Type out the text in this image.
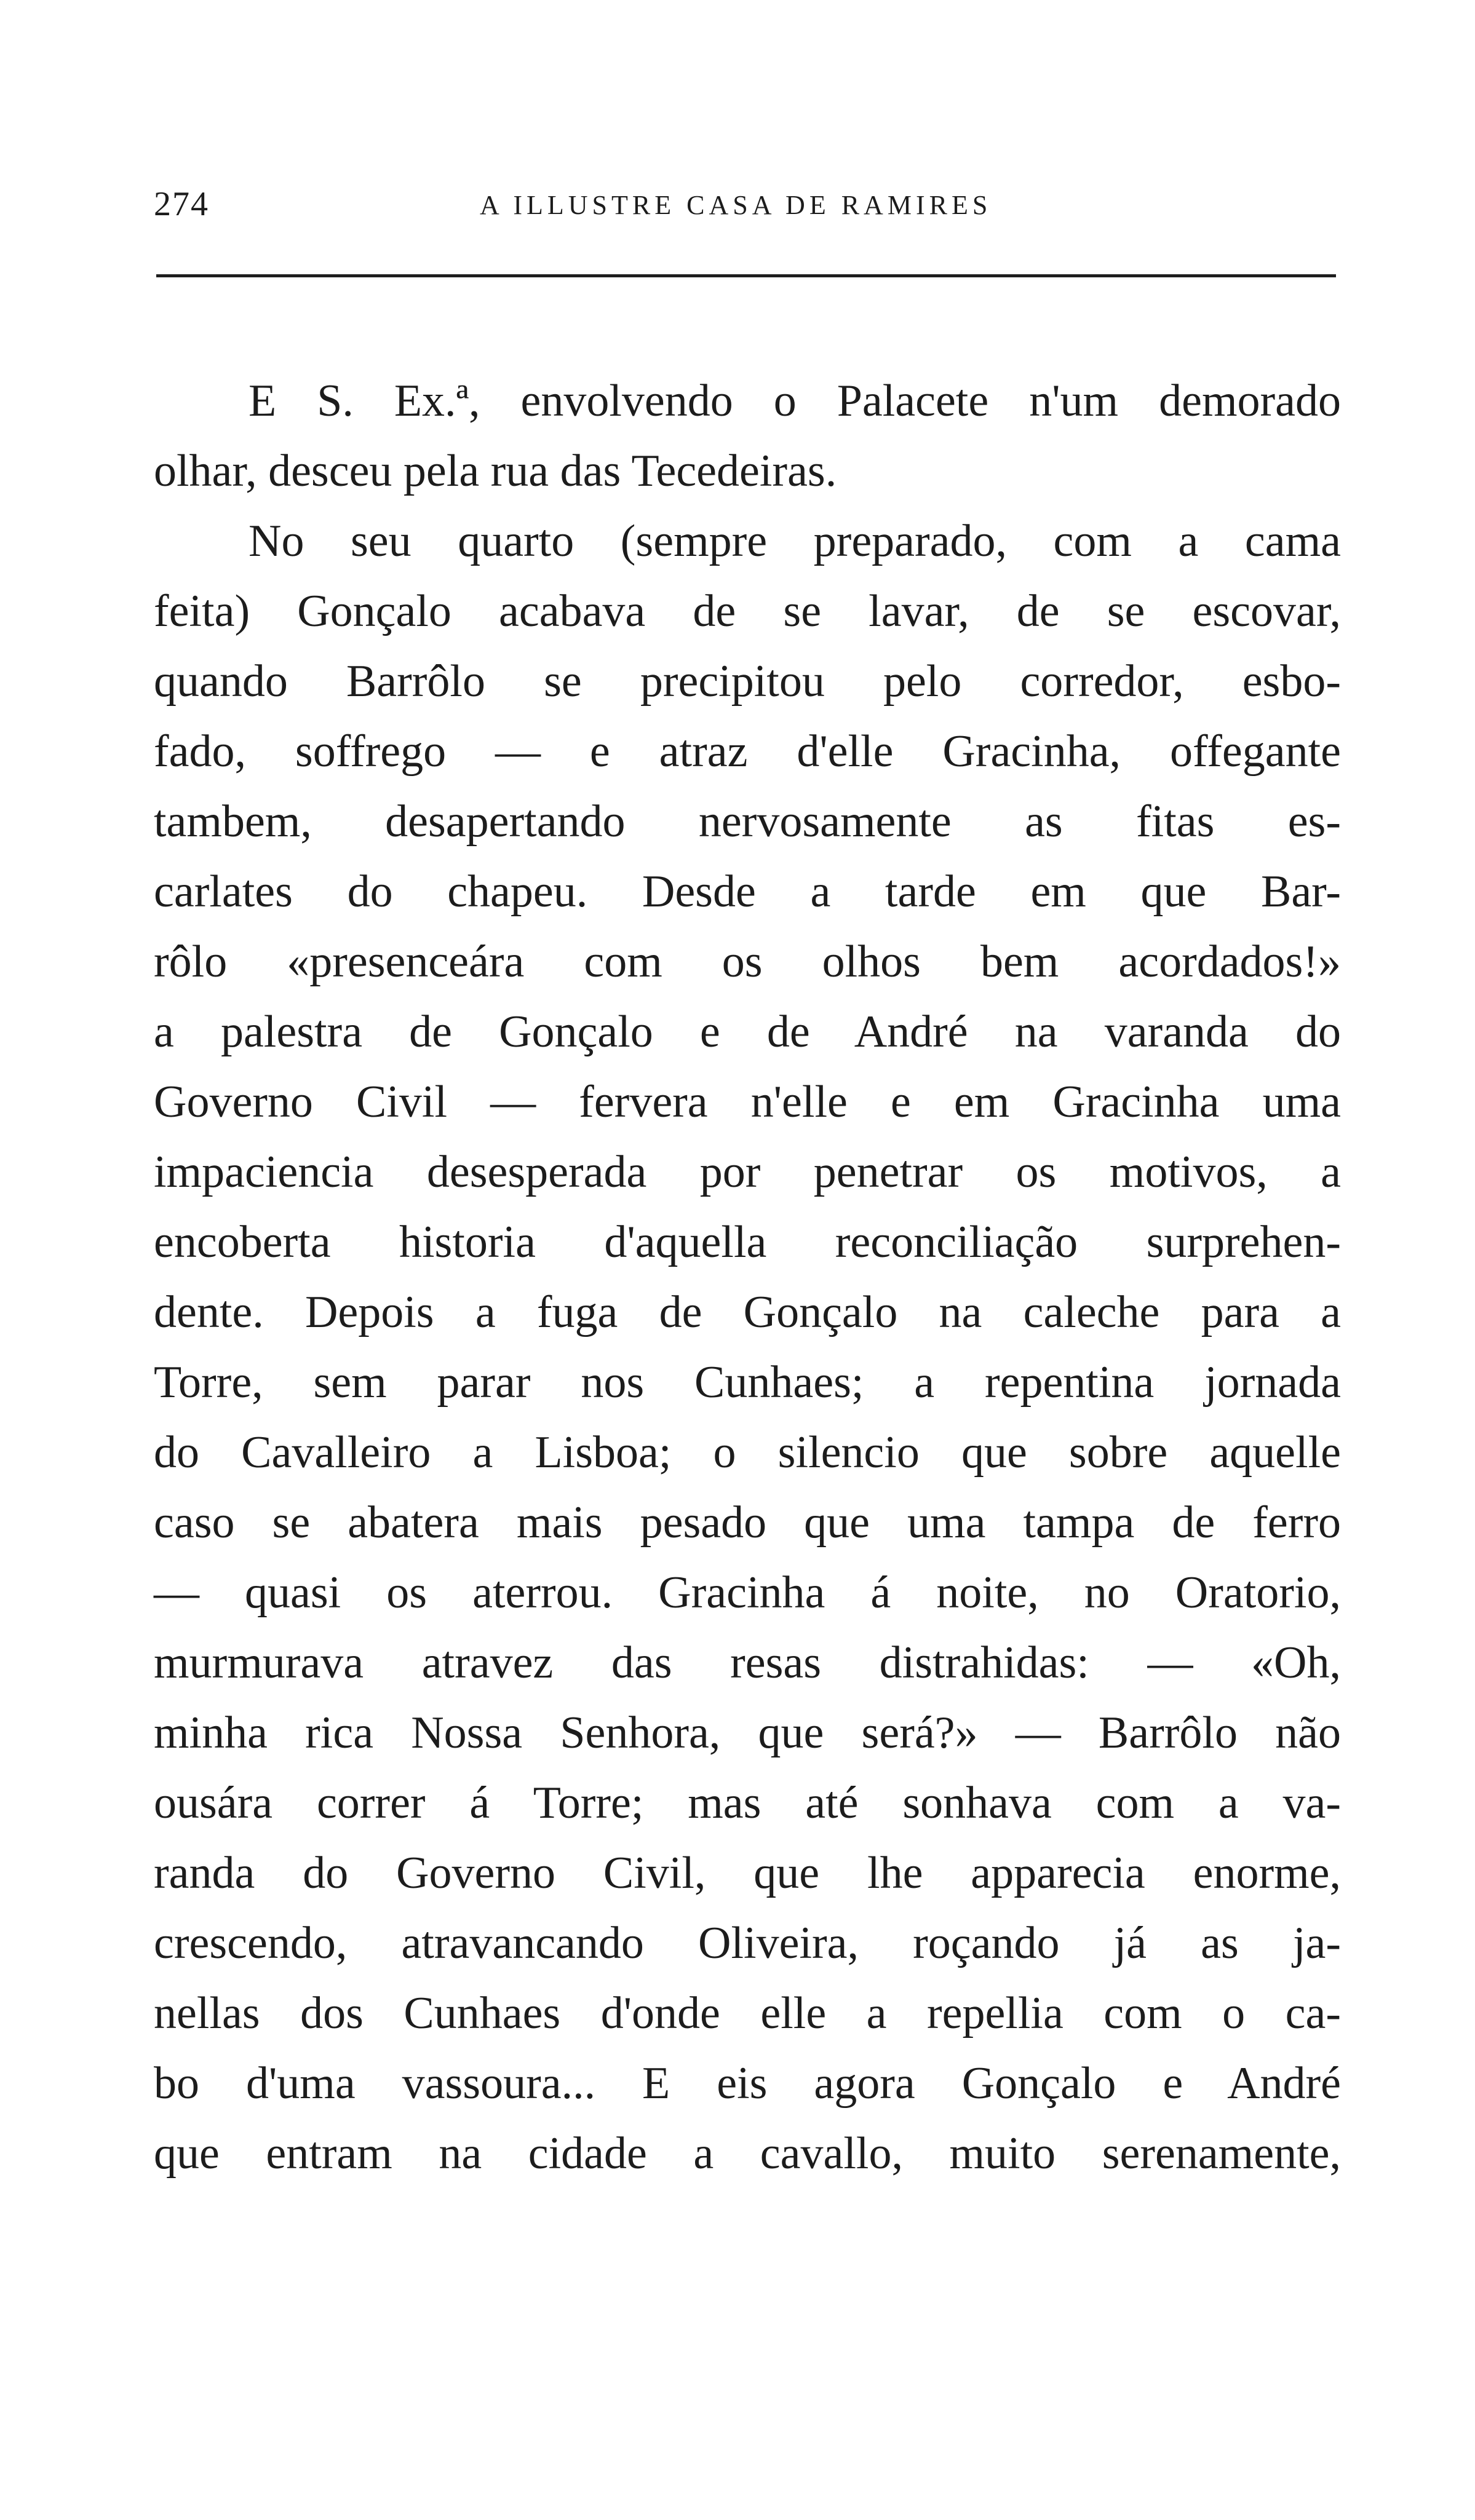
274	A ILLUSTRE CASA DE RAMIRES
E S. Ex.ª, envolvendo o Palacete n'um demorado
olhar, desceu pela rua das Tecedeiras.
No seu quarto (sempre preparado, com a cama
feita) Gonçalo acabava de se lavar, de se escovar,
quando Barrôlo se precipitou pelo corredor, esbo-
fado, soffrego — e atraz d'elle Gracinha, offegante
tambem, desapertando nervosamente as fitas es-
carlates do chapeu. Desde a tarde em que Bar-
rôlo «presenceára com os olhos bem acordados!»
a palestra de Gonçalo e de André na varanda do
Governo Civil — fervera n'elle e em Gracinha uma
impaciencia desesperada por penetrar os motivos, a
encoberta historia d'aquella reconciliação surprehen-
dente. Depois a fuga de Gonçalo na caleche para a
Torre, sem parar nos Cunhaes; a repentina jornada
do Cavalleiro a Lisboa; o silencio que sobre aquelle
caso se abatera mais pesado que uma tampa de ferro
— quasi os aterrou. Gracinha á noite, no Oratorio,
murmurava atravez das resas distrahidas: — «Oh,
minha rica Nossa Senhora, que será?» — Barrôlo não
ousára correr á Torre; mas até sonhava com a va-
randa do Governo Civil, que lhe apparecia enorme,
crescendo, atravancando Oliveira, roçando já as ja-
nellas dos Cunhaes d'onde elle a repellia com o ca-
bo d'uma vassoura... E eis agora Gonçalo e André
que entram na cidade a cavallo, muito serenamente,
